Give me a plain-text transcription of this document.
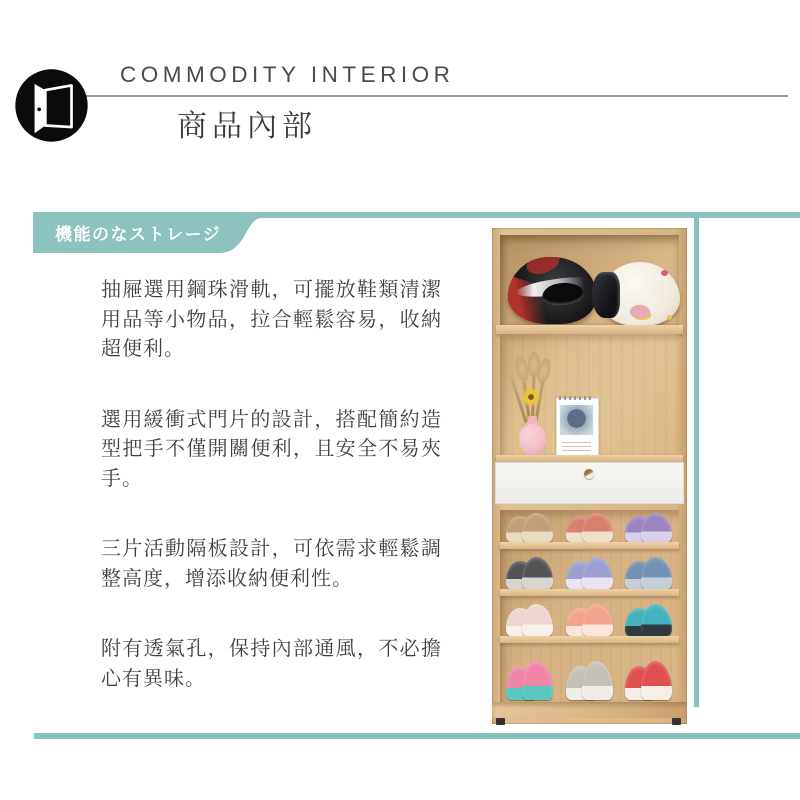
COMMODITY INTERIOR
商品內部
機能のなストレージ

抽屜選用鋼珠滑軌，可擺放鞋類清潔用品等小物品，拉合輕鬆容易，收納超便利。

選用緩衝式門片的設計，搭配簡約造型把手不僅開關便利，且安全不易夾手。

三片活動隔板設計，可依需求輕鬆調整高度，增添收納便利性。

附有透氣孔，保持內部通風，不必擔心有異味。
